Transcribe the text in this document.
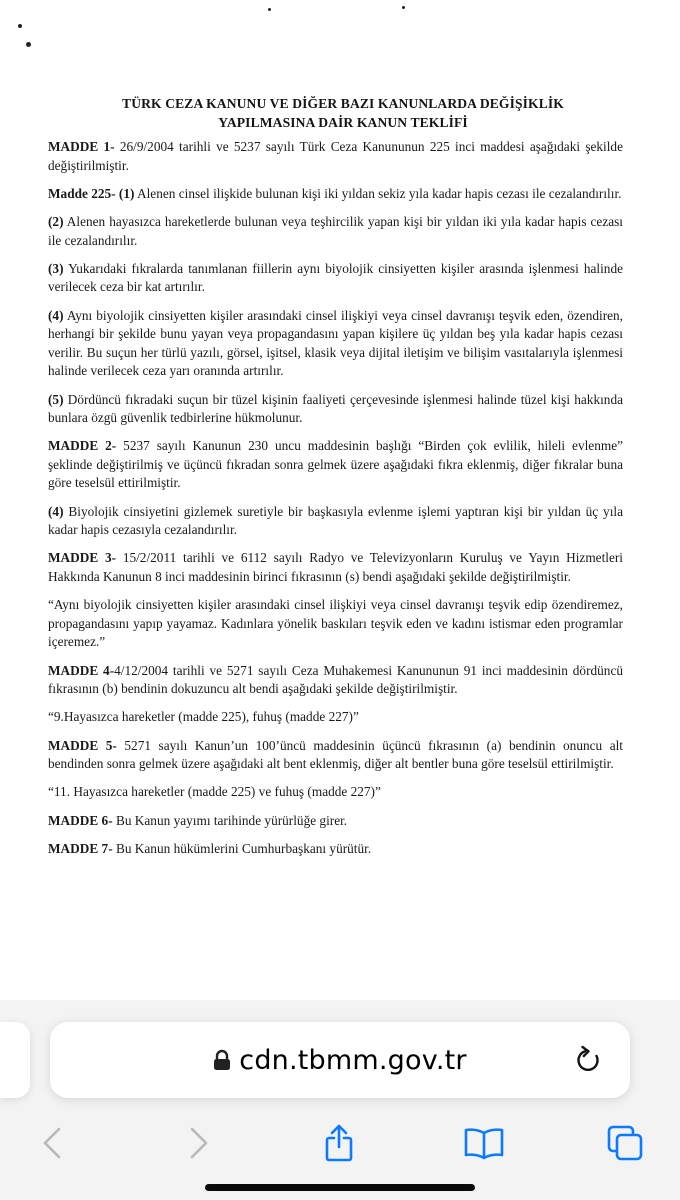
TÜRK CEZA KANUNU VE DİĞER BAZI KANUNLARDA DEĞİŞİKLİK
YAPILMASINA DAİR KANUN TEKLİFİ

MADDE 1- 26/9/2004 tarihli ve 5237 sayılı Türk Ceza Kanununun 225 inci maddesi aşağıdaki şekilde değiştirilmiştir.

Madde 225- (1) Alenen cinsel ilişkide bulunan kişi iki yıldan sekiz yıla kadar hapis cezası ile cezalandırılır.

(2) Alenen hayasızca hareketlerde bulunan veya teşhircilik yapan kişi bir yıldan iki yıla kadar hapis cezası ile cezalandırılır.

(3) Yukarıdaki fıkralarda tanımlanan fiillerin aynı biyolojik cinsiyetten kişiler arasında işlenmesi halinde verilecek ceza bir kat artırılır.

(4) Aynı biyolojik cinsiyetten kişiler arasındaki cinsel ilişkiyi veya cinsel davranışı teşvik eden, özendiren, herhangi bir şekilde bunu yayan veya propagandasını yapan kişilere üç yıldan beş yıla kadar hapis cezası verilir. Bu suçun her türlü yazılı, görsel, işitsel, klasik veya dijital iletişim ve bilişim vasıtalarıyla işlenmesi halinde verilecek ceza yarı oranında artırılır.

(5) Dördüncü fıkradaki suçun bir tüzel kişinin faaliyeti çerçevesinde işlenmesi halinde tüzel kişi hakkında bunlara özgü güvenlik tedbirlerine hükmolunur.

MADDE 2- 5237 sayılı Kanunun 230 uncu maddesinin başlığı “Birden çok evlilik, hileli evlenme” şeklinde değiştirilmiş ve üçüncü fıkradan sonra gelmek üzere aşağıdaki fıkra eklenmiş, diğer fıkralar buna göre teselsül ettirilmiştir.

(4) Biyolojik cinsiyetini gizlemek suretiyle bir başkasıyla evlenme işlemi yaptıran kişi bir yıldan üç yıla kadar hapis cezasıyla cezalandırılır.

MADDE 3- 15/2/2011 tarihli ve 6112 sayılı Radyo ve Televizyonların Kuruluş ve Yayın Hizmetleri Hakkında Kanunun 8 inci maddesinin birinci fıkrasının (s) bendi aşağıdaki şekilde değiştirilmiştir.

“Aynı biyolojik cinsiyetten kişiler arasındaki cinsel ilişkiyi veya cinsel davranışı teşvik edip özendiremez, propagandasını yapıp yayamaz. Kadınlara yönelik baskıları teşvik eden ve kadını istismar eden programlar içeremez.”

MADDE 4-4/12/2004 tarihli ve 5271 sayılı Ceza Muhakemesi Kanununun 91 inci maddesinin dördüncü fıkrasının (b) bendinin dokuzuncu alt bendi aşağıdaki şekilde değiştirilmiştir.

“9.Hayasızca hareketler (madde 225), fuhuş (madde 227)”

MADDE 5- 5271 sayılı Kanun’un 100’üncü maddesinin üçüncü fıkrasının (a) bendinin onuncu alt bendinden sonra gelmek üzere aşağıdaki alt bent eklenmiş, diğer alt bentler buna göre teselsül ettirilmiştir.

“11. Hayasızca hareketler (madde 225) ve fuhuş (madde 227)”

MADDE 6- Bu Kanun yayımı tarihinde yürürlüğe girer.

MADDE 7- Bu Kanun hükümlerini Cumhurbaşkanı yürütür.

cdn.tbmm.gov.tr
